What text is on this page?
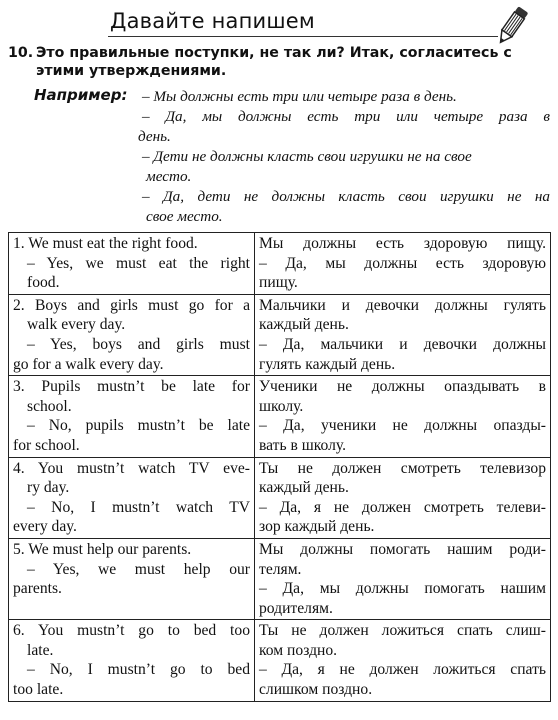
Давайте напишем
10. Это правильные поступки, не так ли? Итак, согласитесь с
этими утверждениями.
Например: – Мы должны есть три или четыре раза в день.
– Да, мы должны есть три или четыре раза в
день.
– Дети не должны класть свои игрушки не на свое
место.
– Да, дети не должны класть свои игрушки не на
свое место.
1. We must eat the right food.
– Yes, we must eat the right
food.	Мы должны есть здоровую пищу.
– Да, мы должны есть здоровую
пищу.

2. Boys and girls must go for a
walk every day.
– Yes, boys and girls must
go for a walk every day.	Мальчики и девочки должны гулять
каждый день.
– Да, мальчики и девочки должны
гулять каждый день.

3. Pupils mustn’t be late for
school.
– No, pupils mustn’t be late
for school.	Ученики не должны опаздывать в
школу.
– Да, ученики не должны опазды-
вать в школу.

4. You mustn’t watch TV eve-
ry day.
– No, I mustn’t watch TV
every day.	Ты не должен смотреть телевизор
каждый день.
– Да, я не должен смотреть телеви-
зор каждый день.

5. We must help our parents.
– Yes, we must help our
parents.	Мы должны помогать нашим роди-
телям.
– Да, мы должны помогать нашим
родителям.

6. You mustn’t go to bed too
late.
– No, I mustn’t go to bed
too late.	Ты не должен ложиться спать слиш-
ком поздно.
– Да, я не должен ложиться спать
слишком поздно.
